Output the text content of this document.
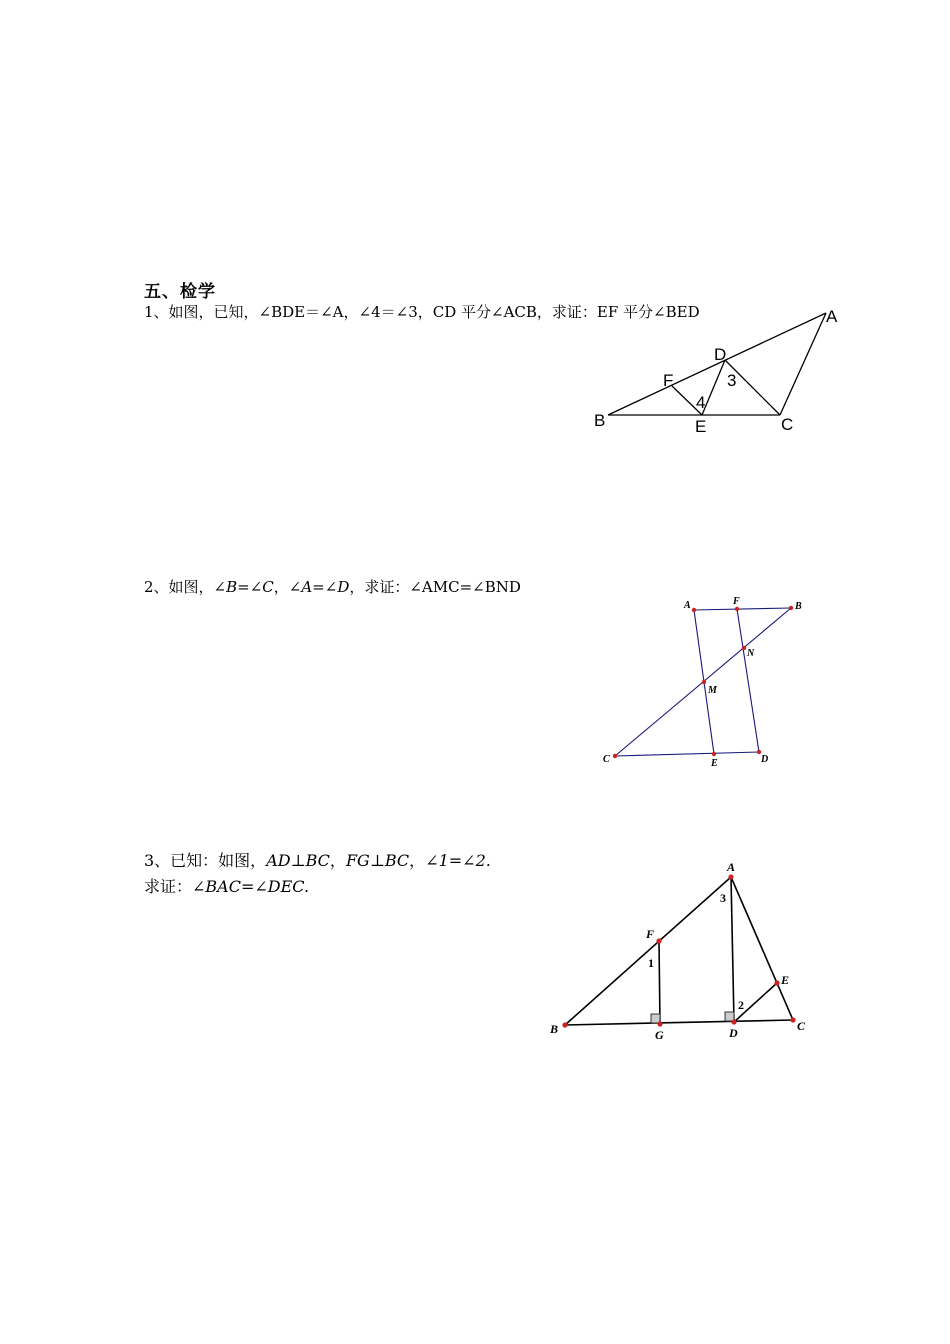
五、检学
1、如图，已知，∠BDE＝∠A，∠4＝∠3，CD 平分∠ACB，求证：EF 平分∠BED	A
D
F	3
4
B	E	C
2、如图，∠B=∠C，∠A=∠D，求证：∠AMC=∠BND
A	F	B
N
M
C	E	D
3、已知：如图，AD⊥BC，FG⊥BC，∠1=∠2.
求证：∠BAC=∠DEC.
A
3
F
1
E
2
B	G	D	C
